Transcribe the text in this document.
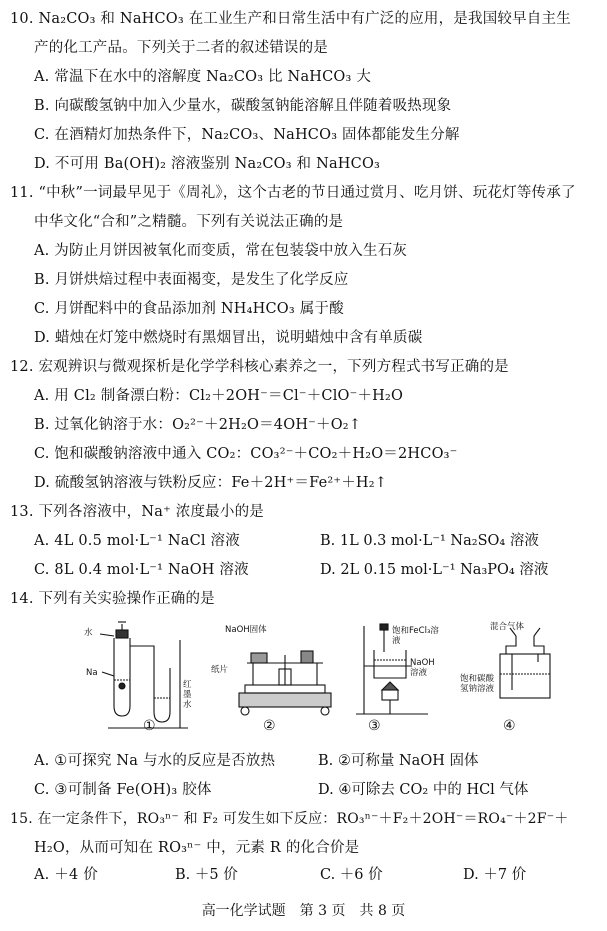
10. Na₂CO₃ 和 NaHCO₃ 在工业生产和日常生活中有广泛的应用，是我国较早自主生
产的化工产品。下列关于二者的叙述错误的是
A. 常温下在水中的溶解度 Na₂CO₃ 比 NaHCO₃ 大
B. 向碳酸氢钠中加入少量水，碳酸氢钠能溶解且伴随着吸热现象
C. 在酒精灯加热条件下，Na₂CO₃、NaHCO₃ 固体都能发生分解
D. 不可用 Ba(OH)₂ 溶液鉴别 Na₂CO₃ 和 NaHCO₃
11. “中秋”一词最早见于《周礼》，这个古老的节日通过赏月、吃月饼、玩花灯等传承了
中华文化“合和”之精髓。下列有关说法正确的是
A. 为防止月饼因被氧化而变质，常在包装袋中放入生石灰
B. 月饼烘焙过程中表面褐变，是发生了化学反应
C. 月饼配料中的食品添加剂 NH₄HCO₃ 属于酸
D. 蜡烛在灯笼中燃烧时有黑烟冒出，说明蜡烛中含有单质碳
12. 宏观辨识与微观探析是化学学科核心素养之一，下列方程式书写正确的是
A. 用 Cl₂ 制备漂白粉：Cl₂＋2OH⁻＝Cl⁻＋ClO⁻＋H₂O
B. 过氧化钠溶于水：O₂²⁻＋2H₂O＝4OH⁻＋O₂↑
C. 饱和碳酸钠溶液中通入 CO₂：CO₃²⁻＋CO₂＋H₂O＝2HCO₃⁻
D. 硫酸氢钠溶液与铁粉反应：Fe＋2H⁺＝Fe²⁺＋H₂↑
13. 下列各溶液中，Na⁺ 浓度最小的是
A. 4L 0.5 mol·L⁻¹ NaCl 溶液	B. 1L 0.3 mol·L⁻¹ Na₂SO₄ 溶液
C. 8L 0.4 mol·L⁻¹ NaOH 溶液	D. 2L 0.15 mol·L⁻¹ Na₃PO₄ 溶液
14. 下列有关实验操作正确的是
水
Na
红墨水
①
NaOH固体
纸片
②
饱和FeCl₃溶液
NaOH溶液
③
混合气体
饱和碳酸氢钠溶液
④
A. ①可探究 Na 与水的反应是否放热	B. ②可称量 NaOH 固体
C. ③可制备 Fe(OH)₃ 胶体	D. ④可除去 CO₂ 中的 HCl 气体
15. 在一定条件下，RO₃ⁿ⁻ 和 F₂ 可发生如下反应：RO₃ⁿ⁻＋F₂＋2OH⁻＝RO₄⁻＋2F⁻＋
H₂O，从而可知在 RO₃ⁿ⁻ 中，元素 R 的化合价是
A. ＋4 价	B. ＋5 价	C. ＋6 价	D. ＋7 价
高一化学试题　第 3 页　共 8 页
